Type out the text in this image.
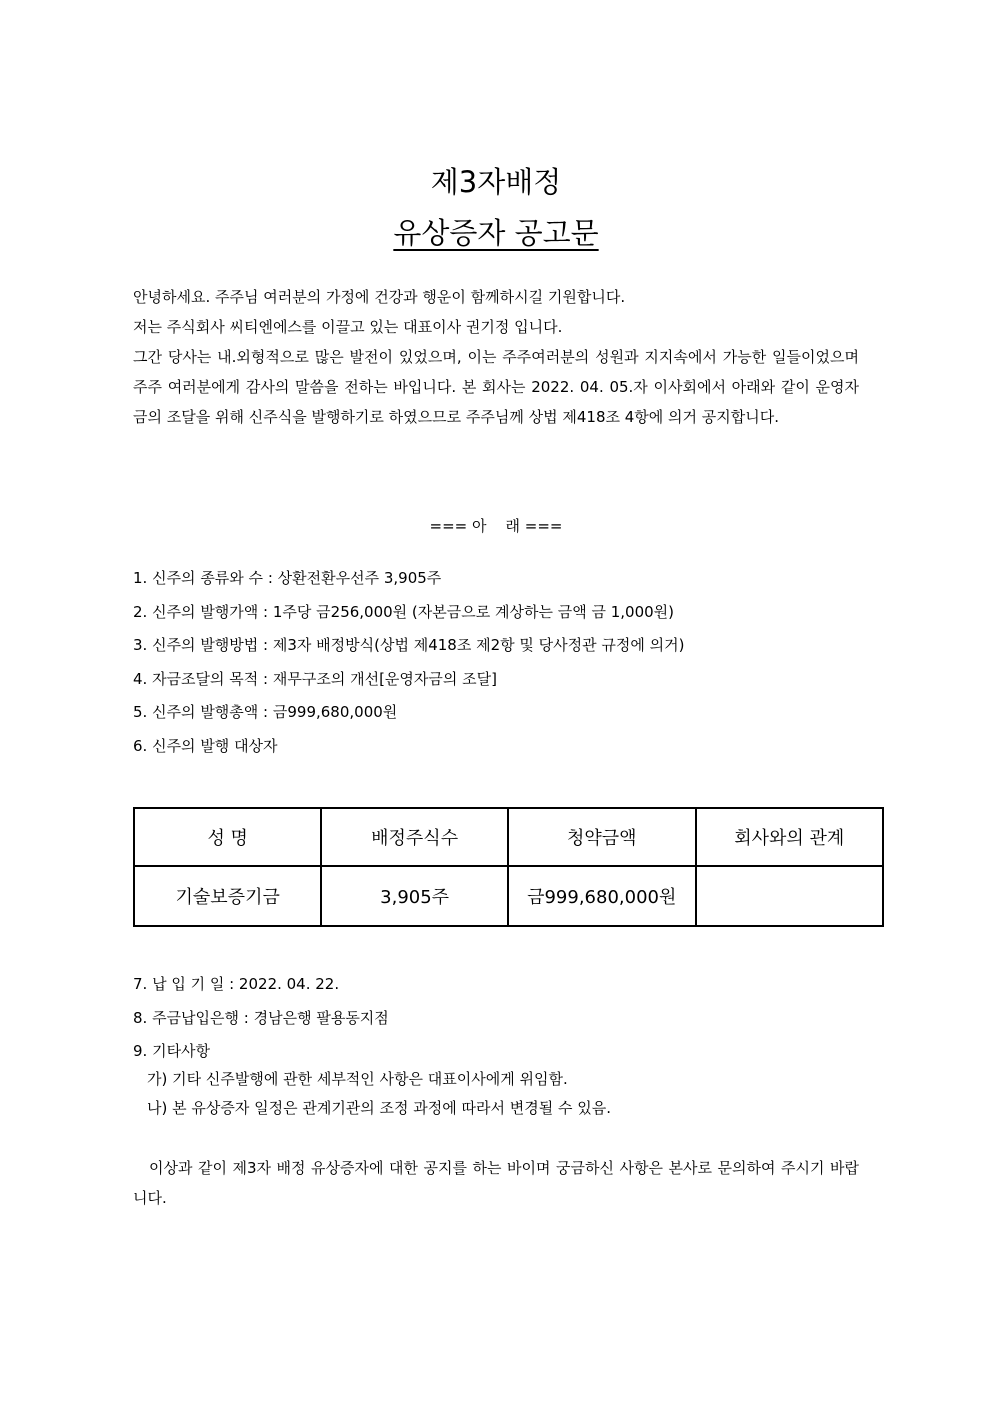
제3자배정
유상증자 공고문

안녕하세요. 주주님 여러분의 가정에 건강과 행운이 함께하시길 기원합니다.

저는 주식회사 씨티엔에스를 이끌고 있는 대표이사 권기정 입니다.

그간 당사는 내.외형적으로 많은 발전이 있었으며, 이는 주주여러분의 성원과 지지속에서 가능한 일들이었으며 주주 여러분에게 감사의 말씀을 전하는 바입니다. 본 회사는 2022. 04. 05.자 이사회에서 아래와 같이 운영자금의 조달을 위해 신주식을 발행하기로 하였으므로 주주님께 상법 제418조 4항에 의거 공지합니다.

=== 아    래 ===
1. 신주의 종류와 수 : 상환전환우선주 3,905주
2. 신주의 발행가액 : 1주당 금256,000원 (자본금으로 계상하는 금액 금 1,000원)
3. 신주의 발행방법 : 제3자 배정방식(상법 제418조 제2항 및 당사정관 규정에 의거)
4. 자금조달의 목적 : 재무구조의 개선[운영자금의 조달]
5. 신주의 발행총액 : 금999,680,000원
6. 신주의 발행 대상자
성 명	배정주식수	청약금액	회사와의 관계
기술보증기금	3,905주	금999,680,000원	
7. 납 입 기 일 : 2022. 04. 22.
8. 주금납입은행 : 경남은행 팔용동지점
9. 기타사항
가) 기타 신주발행에 관한 세부적인 사항은 대표이사에게 위임함.
나) 본 유상증자 일정은 관계기관의 조정 과정에 따라서 변경될 수 있음.

이상과 같이 제3자 배정 유상증자에 대한 공지를 하는 바이며 궁금하신 사항은 본사로 문의하여 주시기 바랍니다.
